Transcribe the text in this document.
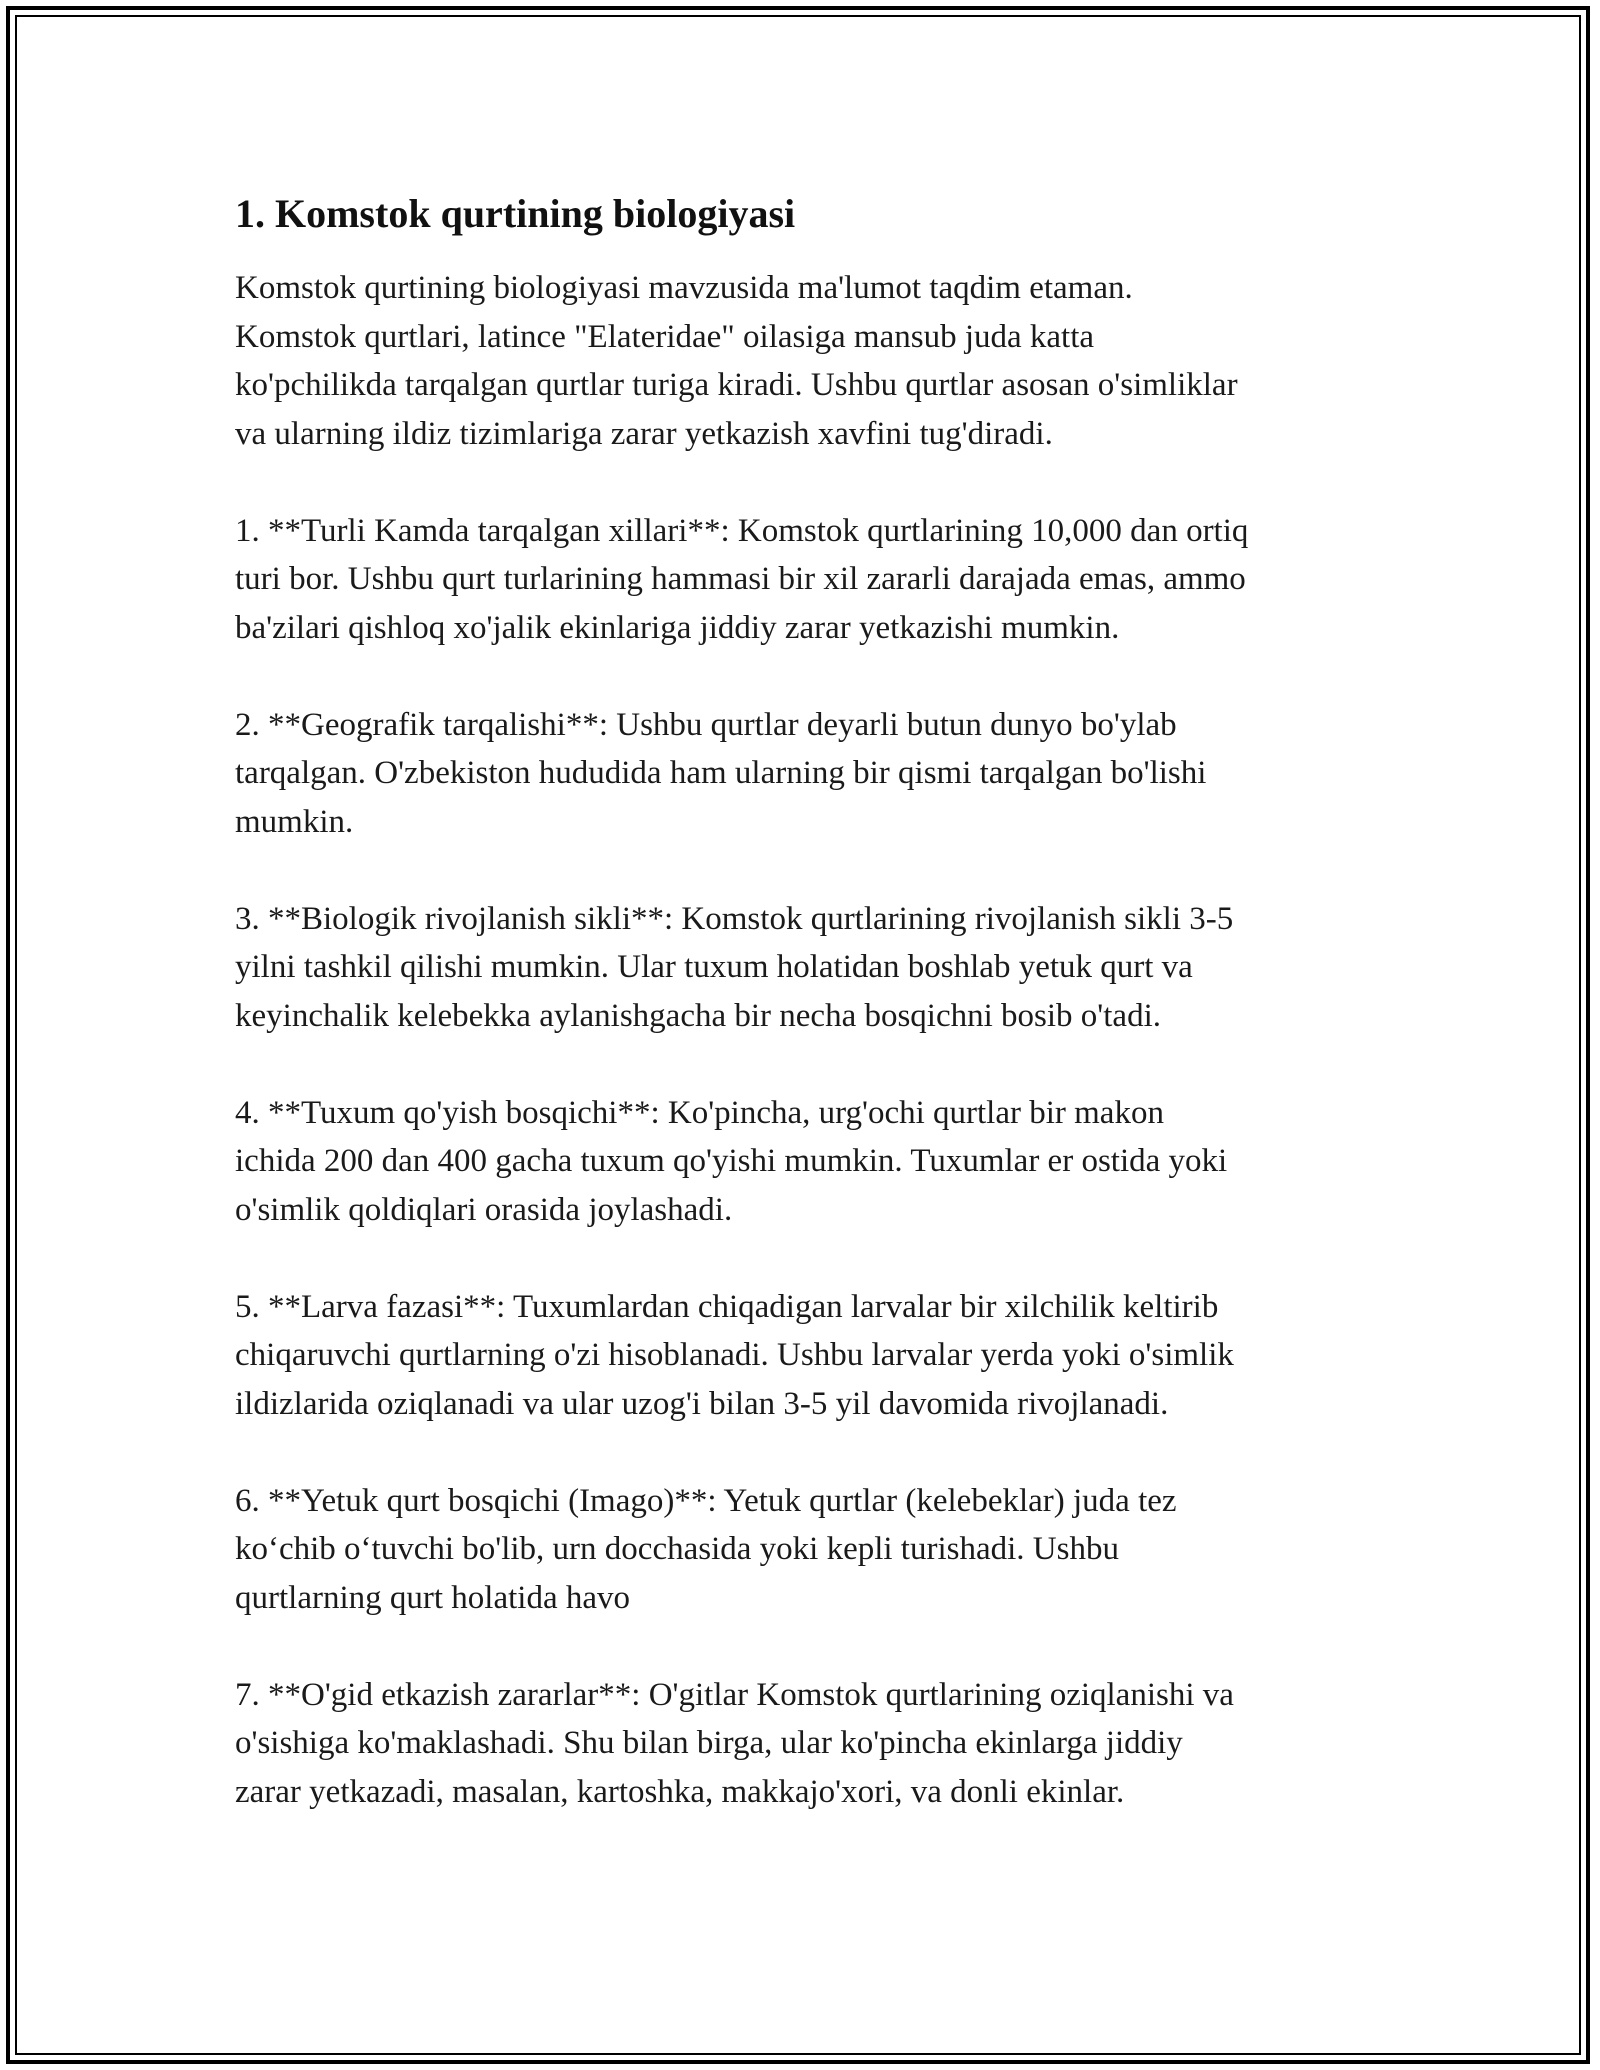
1. Komstok qurtining biologiyasi

Komstok qurtining biologiyasi mavzusida ma'lumot taqdim etaman.
Komstok qurtlari, latince "Elateridae" oilasiga mansub juda katta
ko'pchilikda tarqalgan qurtlar turiga kiradi. Ushbu qurtlar asosan o'simliklar
va ularning ildiz tizimlariga zarar yetkazish xavfini tug'diradi.

1. **Turli Kamda tarqalgan xillari**: Komstok qurtlarining 10,000 dan ortiq
turi bor. Ushbu qurt turlarining hammasi bir xil zararli darajada emas, ammo
ba'zilari qishloq xo'jalik ekinlariga jiddiy zarar yetkazishi mumkin.

2. **Geografik tarqalishi**: Ushbu qurtlar deyarli butun dunyo bo'ylab
tarqalgan. O'zbekiston hududida ham ularning bir qismi tarqalgan bo'lishi
mumkin.

3. **Biologik rivojlanish sikli**: Komstok qurtlarining rivojlanish sikli 3-5
yilni tashkil qilishi mumkin. Ular tuxum holatidan boshlab yetuk qurt va
keyinchalik kelebekka aylanishgacha bir necha bosqichni bosib o'tadi.

4. **Tuxum qo'yish bosqichi**: Ko'pincha, urg'ochi qurtlar bir makon
ichida 200 dan 400 gacha tuxum qo'yishi mumkin. Tuxumlar er ostida yoki
o'simlik qoldiqlari orasida joylashadi.

5. **Larva fazasi**: Tuxumlardan chiqadigan larvalar bir xilchilik keltirib
chiqaruvchi qurtlarning o'zi hisoblanadi. Ushbu larvalar yerda yoki o'simlik
ildizlarida oziqlanadi va ular uzog'i bilan 3-5 yil davomida rivojlanadi.

6. **Yetuk qurt bosqichi (Imago)**: Yetuk qurtlar (kelebeklar) juda tez
ko‘chib o‘tuvchi bo'lib, urn docchasida yoki kepli turishadi. Ushbu
qurtlarning qurt holatida havo

7. **O'gid etkazish zararlar**: O'gitlar Komstok qurtlarining oziqlanishi va
o'sishiga ko'maklashadi. Shu bilan birga, ular ko'pincha ekinlarga jiddiy
zarar yetkazadi, masalan, kartoshka, makkajo'xori, va donli ekinlar.
